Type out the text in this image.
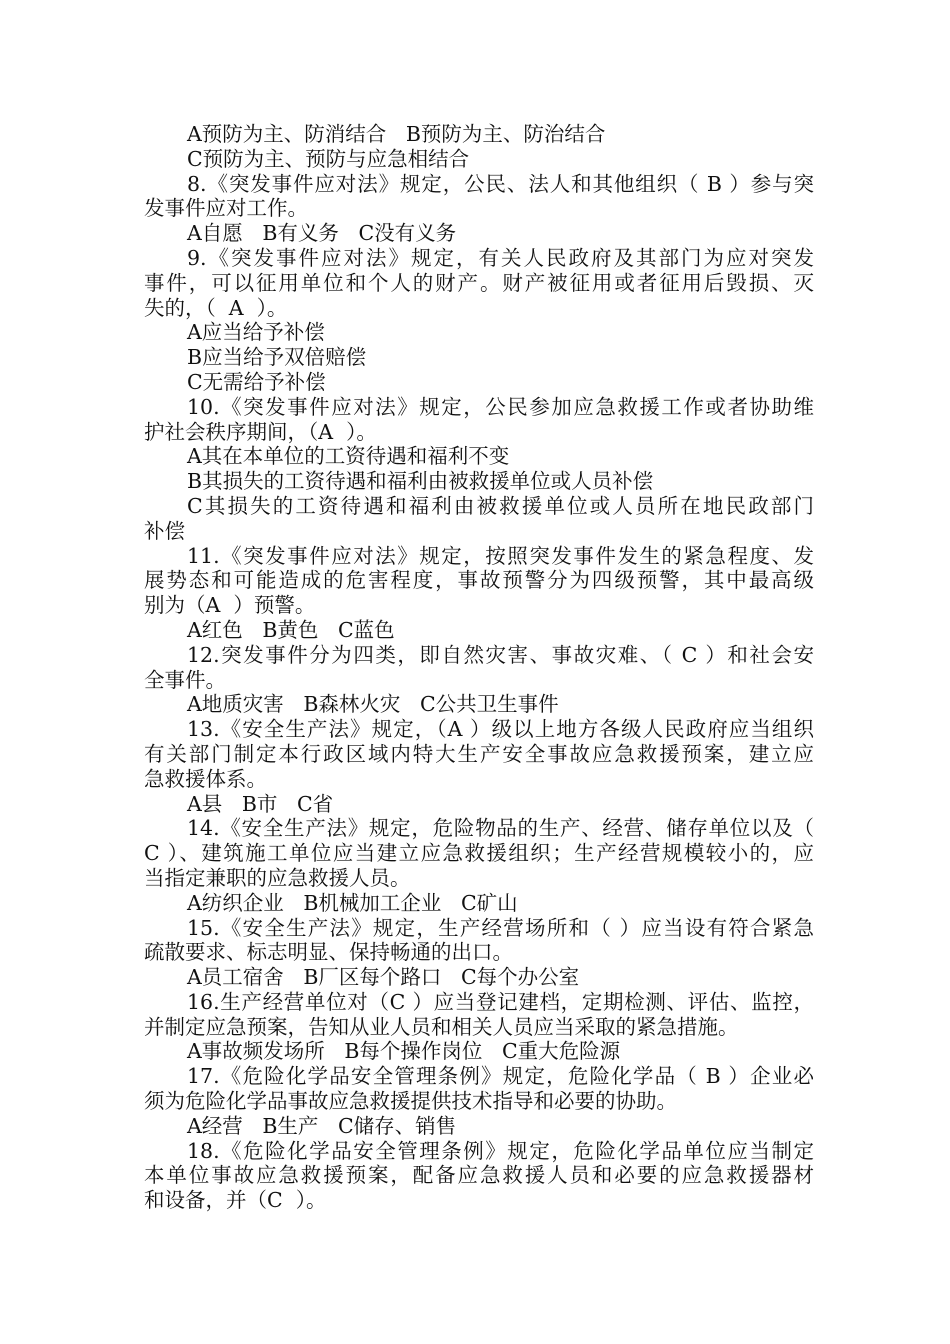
A预防为主、防消结合   B预防为主、防治结合
C预防为主、预防与应急相结合
8.《突发事件应对法》规定，公民、法人和其他组织（ B ）参与突
发事件应对工作。
A自愿   B有义务   C没有义务
9.《突发事件应对法》规定，有关人民政府及其部门为应对突发
事件，可以征用单位和个人的财产。财产被征用或者征用后毁损、灭
失的，（  A  ）。
A应当给予补偿
B应当给予双倍赔偿
C无需给予补偿
10.《突发事件应对法》规定，公民参加应急救援工作或者协助维
护社会秩序期间，（A  ）。
A其在本单位的工资待遇和福利不变
B其损失的工资待遇和福利由被救援单位或人员补偿
C其损失的工资待遇和福利由被救援单位或人员所在地民政部门
补偿
11.《突发事件应对法》规定，按照突发事件发生的紧急程度、发
展势态和可能造成的危害程度，事故预警分为四级预警，其中最高级
别为（A  ）预警。
A红色   B黄色   C蓝色
12.突发事件分为四类，即自然灾害、事故灾难、（ C ）和社会安
全事件。
A地质灾害   B森林火灾   C公共卫生事件
13.《安全生产法》规定，（A ）级以上地方各级人民政府应当组织
有关部门制定本行政区域内特大生产安全事故应急救援预案，建立应
急救援体系。
A县   B市   C省
14.《安全生产法》规定，危险物品的生产、经营、储存单位以及（
C ）、建筑施工单位应当建立应急救援组织；生产经营规模较小的，应
当指定兼职的应急救援人员。
A纺织企业   B机械加工企业   C矿山
15.《安全生产法》规定，生产经营场所和（ ）应当设有符合紧急
疏散要求、标志明显、保持畅通的出口。
A员工宿舍   B厂区每个路口   C每个办公室
16.生产经营单位对（C ）应当登记建档，定期检测、评估、监控，
并制定应急预案，告知从业人员和相关人员应当采取的紧急措施。
A事故频发场所   B每个操作岗位   C重大危险源
17.《危险化学品安全管理条例》规定，危险化学品（ B ）企业必
须为危险化学品事故应急救援提供技术指导和必要的协助。
A经营   B生产   C储存、销售
18.《危险化学品安全管理条例》规定，危险化学品单位应当制定
本单位事故应急救援预案，配备应急救援人员和必要的应急救援器材
和设备，并（C  ）。
